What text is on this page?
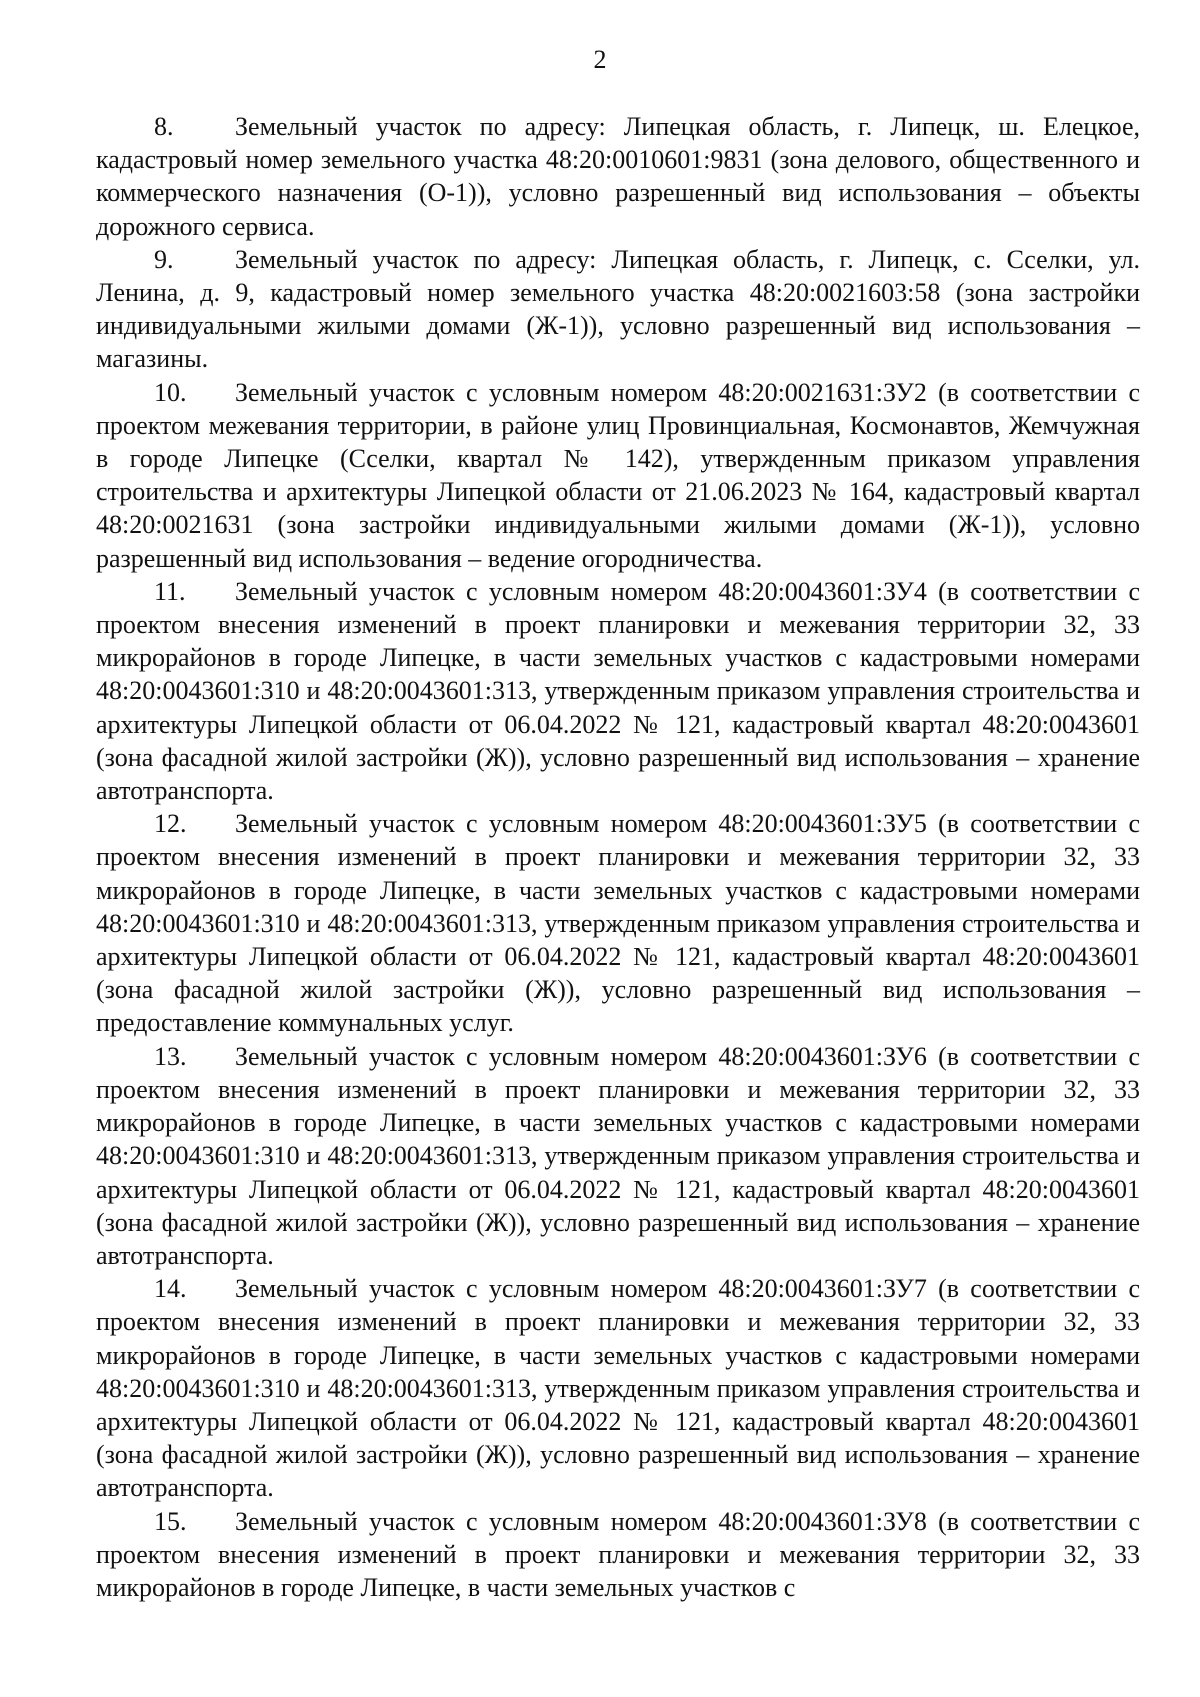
2

8. Земельный участок по адресу: Липецкая область, г. Липецк, ш. Елецкое, кадастровый номер земельного участка 48:20:0010601:9831 (зона делового, общественного и коммерческого назначения (О-1)), условно разрешенный вид использования – объекты дорожного сервиса.

9. Земельный участок по адресу: Липецкая область, г. Липецк, с. Сселки, ул. Ленина, д. 9, кадастровый номер земельного участка 48:20:0021603:58 (зона застройки индивидуальными жилыми домами (Ж-1)), условно разрешенный вид использования – магазины.

10. Земельный участок с условным номером 48:20:0021631:ЗУ2 (в соответствии с проектом межевания территории, в районе улиц Провинциальная, Космонавтов, Жемчужная в городе Липецке (Сселки, квартал № 142), утвержденным приказом управления строительства и архитектуры Липецкой области от 21.06.2023 № 164, кадастровый квартал 48:20:0021631 (зона застройки индивидуальными жилыми домами (Ж-1)), условно разрешенный вид использования – ведение огородничества.

11. Земельный участок с условным номером 48:20:0043601:ЗУ4 (в соответствии с проектом внесения изменений в проект планировки и межевания территории 32, 33 микрорайонов в городе Липецке, в части земельных участков с кадастровыми номерами 48:20:0043601:310 и 48:20:0043601:313, утвержденным приказом управления строительства и архитектуры Липецкой области от 06.04.2022 № 121, кадастровый квартал 48:20:0043601 (зона фасадной жилой застройки (Ж)), условно разрешенный вид использования – хранение автотранспорта.

12. Земельный участок с условным номером 48:20:0043601:ЗУ5 (в соответствии с проектом внесения изменений в проект планировки и межевания территории 32, 33 микрорайонов в городе Липецке, в части земельных участков с кадастровыми номерами 48:20:0043601:310 и 48:20:0043601:313, утвержденным приказом управления строительства и архитектуры Липецкой области от 06.04.2022 № 121, кадастровый квартал 48:20:0043601 (зона фасадной жилой застройки (Ж)), условно разрешенный вид использования – предоставление коммунальных услуг.

13. Земельный участок с условным номером 48:20:0043601:ЗУ6 (в соответствии с проектом внесения изменений в проект планировки и межевания территории 32, 33 микрорайонов в городе Липецке, в части земельных участков с кадастровыми номерами 48:20:0043601:310 и 48:20:0043601:313, утвержденным приказом управления строительства и архитектуры Липецкой области от 06.04.2022 № 121, кадастровый квартал 48:20:0043601 (зона фасадной жилой застройки (Ж)), условно разрешенный вид использования – хранение автотранспорта.

14. Земельный участок с условным номером 48:20:0043601:ЗУ7 (в соответствии с проектом внесения изменений в проект планировки и межевания территории 32, 33 микрорайонов в городе Липецке, в части земельных участков с кадастровыми номерами 48:20:0043601:310 и 48:20:0043601:313, утвержденным приказом управления строительства и архитектуры Липецкой области от 06.04.2022 № 121, кадастровый квартал 48:20:0043601 (зона фасадной жилой застройки (Ж)), условно разрешенный вид использования – хранение автотранспорта.

15. Земельный участок с условным номером 48:20:0043601:ЗУ8 (в соответствии с проектом внесения изменений в проект планировки и межевания территории 32, 33 микрорайонов в городе Липецке, в части земельных участков с
